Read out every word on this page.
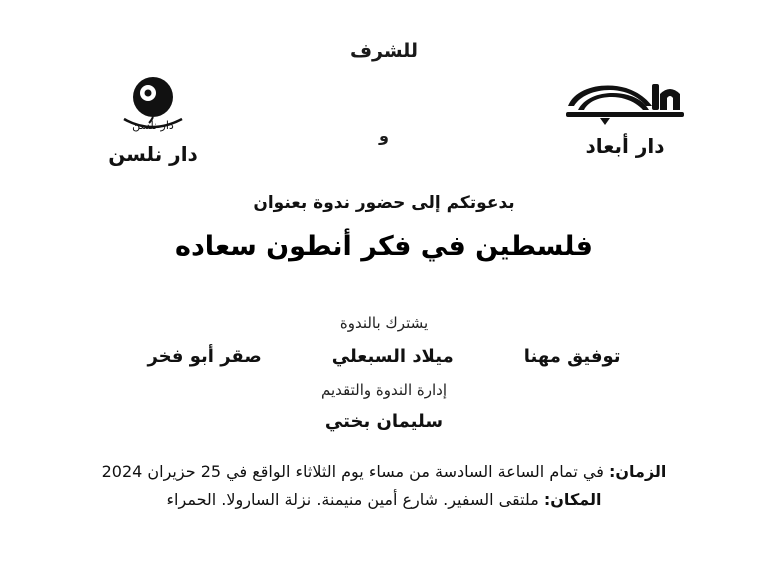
للشرف
و	دار أبعاد
دار نلسن
دار نلسن
بدعوتكم إلى حضور ندوة بعنوان
فلسطين في فكر أنطون سعاده
يشترك بالندوة
توفيق مهنا
ميلاد السبعلي
صقر أبو فخر
إدارة الندوة والتقديم
سليمان بختي
الزمان: في تمام الساعة السادسة من مساء يوم الثلاثاء الواقع في 25 حزيران 2024
المكان: ملتقى السفير. شارع أمين منيمنة. نزلة السارولا. الحمراء
